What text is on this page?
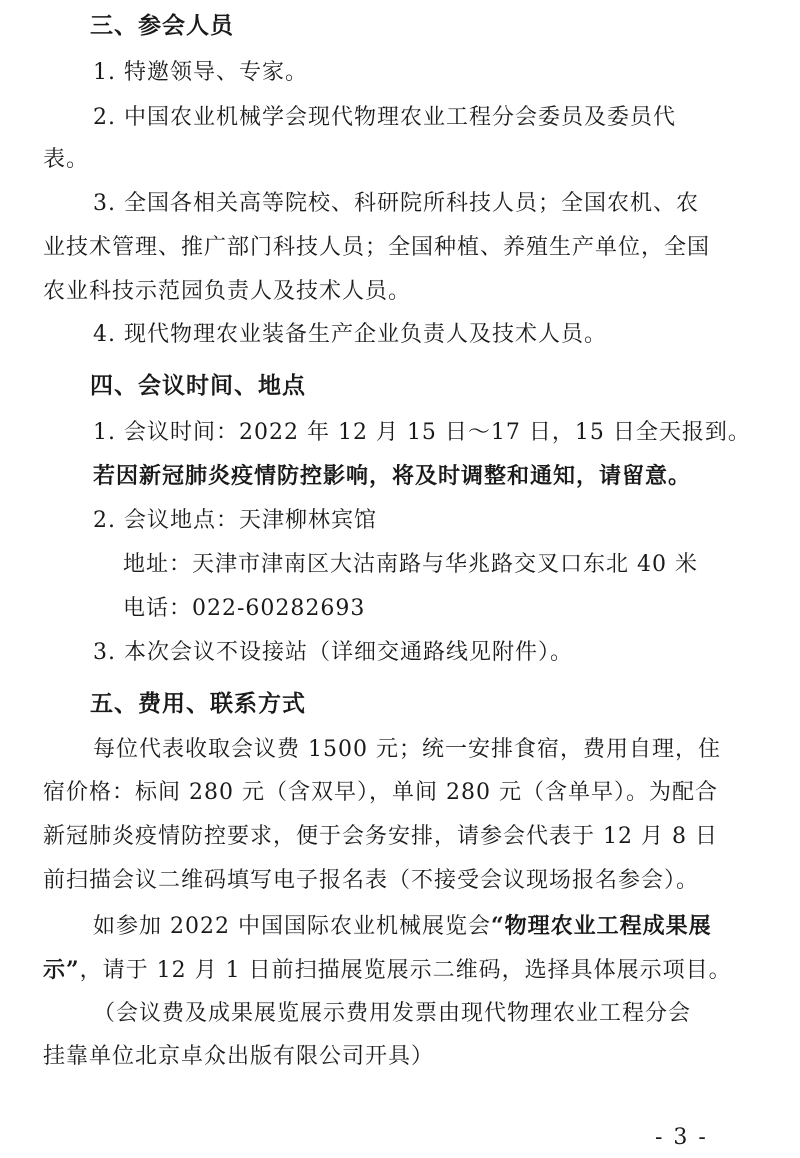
三、参会人员
1. 特邀领导、专家。
2. 中国农业机械学会现代物理农业工程分会委员及委员代
表。
3. 全国各相关高等院校、科研院所科技人员；全国农机、农
业技术管理、推广部门科技人员；全国种植、养殖生产单位，全国
农业科技示范园负责人及技术人员。
4. 现代物理农业装备生产企业负责人及技术人员。
四、会议时间、地点
1. 会议时间：2022 年 12 月 15 日～17 日，15 日全天报到。
若因新冠肺炎疫情防控影响，将及时调整和通知，请留意。
2. 会议地点：天津柳林宾馆
地址：天津市津南区大沽南路与华兆路交叉口东北 40 米
电话：022-60282693
3. 本次会议不设接站（详细交通路线见附件）。
五、费用、联系方式
每位代表收取会议费 1500 元；统一安排食宿，费用自理，住
宿价格：标间 280 元（含双早），单间 280 元（含单早）。为配合
新冠肺炎疫情防控要求，便于会务安排，请参会代表于 12 月 8 日
前扫描会议二维码填写电子报名表（不接受会议现场报名参会）。
如参加 2022 中国国际农业机械展览会“物理农业工程成果展
示”，请于 12 月 1 日前扫描展览展示二维码，选择具体展示项目。
（会议费及成果展览展示费用发票由现代物理农业工程分会
挂靠单位北京卓众出版有限公司开具）
- 3 -
